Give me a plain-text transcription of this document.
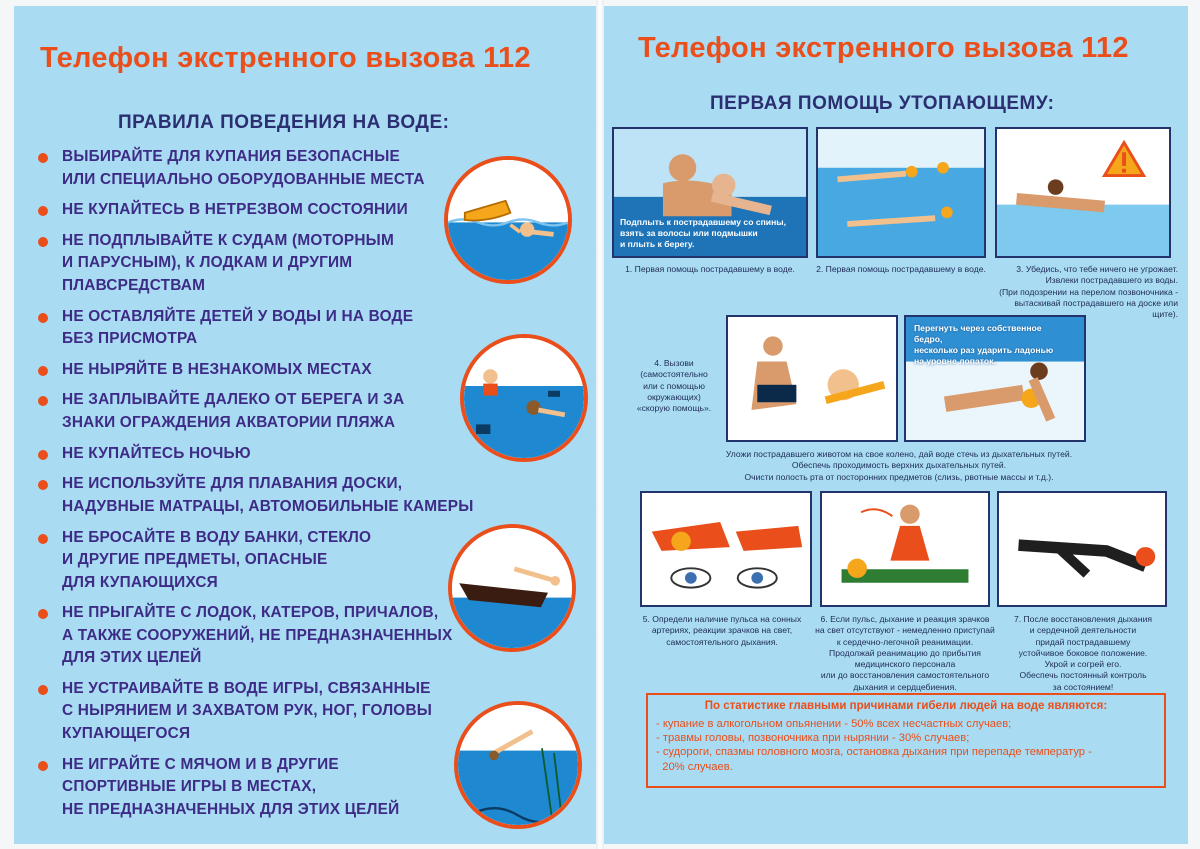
Телефон экстренного вызова 112
ПРАВИЛА ПОВЕДЕНИЯ НА ВОДЕ:
ВЫБИРАЙТЕ ДЛЯ КУПАНИЯ БЕЗОПАСНЫЕ
ИЛИ СПЕЦИАЛЬНО ОБОРУДОВАННЫЕ МЕСТА
НЕ КУПАЙТЕСЬ В НЕТРЕЗВОМ СОСТОЯНИИ
НЕ ПОДПЛЫВАЙТЕ К СУДАМ (МОТОРНЫМ
И ПАРУСНЫМ), К ЛОДКАМ И ДРУГИМ
ПЛАВСРЕДСТВАМ
НЕ ОСТАВЛЯЙТЕ ДЕТЕЙ У ВОДЫ И НА ВОДЕ
БЕЗ ПРИСМОТРА
НЕ НЫРЯЙТЕ В НЕЗНАКОМЫХ МЕСТАХ
НЕ ЗАПЛЫВАЙТЕ ДАЛЕКО ОТ БЕРЕГА И ЗА
ЗНАКИ ОГРАЖДЕНИЯ АКВАТОРИИ ПЛЯЖА
НЕ КУПАЙТЕСЬ НОЧЬЮ
НЕ ИСПОЛЬЗУЙТЕ ДЛЯ ПЛАВАНИЯ ДОСКИ,
НАДУВНЫЕ МАТРАЦЫ, АВТОМОБИЛЬНЫЕ КАМЕРЫ
НЕ БРОСАЙТЕ В ВОДУ БАНКИ, СТЕКЛО
И ДРУГИЕ ПРЕДМЕТЫ, ОПАСНЫЕ
ДЛЯ КУПАЮЩИХСЯ
НЕ ПРЫГАЙТЕ С ЛОДОК, КАТЕРОВ, ПРИЧАЛОВ,
А ТАКЖЕ СООРУЖЕНИЙ, НЕ ПРЕДНАЗНАЧЕННЫХ
ДЛЯ ЭТИХ ЦЕЛЕЙ
НЕ УСТРАИВАЙТЕ В ВОДЕ ИГРЫ, СВЯЗАННЫЕ
С НЫРЯНИЕМ И ЗАХВАТОМ РУК, НОГ, ГОЛОВЫ
КУПАЮЩЕГОСЯ
НЕ ИГРАЙТЕ С МЯЧОМ И В ДРУГИЕ
СПОРТИВНЫЕ ИГРЫ В МЕСТАХ,
НЕ ПРЕДНАЗНАЧЕННЫХ ДЛЯ ЭТИХ ЦЕЛЕЙ
Телефон экстренного вызова 112
ПЕРВАЯ ПОМОЩЬ УТОПАЮЩЕМУ:
Подплыть к пострадавшему со спины,
взять за волосы или подмышки
и плыть к берегу.
1. Первая помощь пострадавшему в воде.	2. Первая помощь пострадавшему в воде.	3. Убедись, что тебе ничего не угрожает.
Извлеки пострадавшего из воды.
(При подозрении на перелом позвоночника -
вытаскивай пострадавшего на доске или щите).
4. Вызови
(самостоятельно
или с помощью
окружающих)
«скорую помощь».
Перегнуть через собственное бедро,
несколько раз ударить ладонью
на уровне лопаток.
Уложи пострадавшего животом на свое колено, дай воде стечь из дыхательных путей.
Обеспечь проходимость верхних дыхательных путей.
Очисти полость рта от посторонних предметов (слизь, рвотные массы и т.д.).
5. Определи наличие пульса на сонных
артериях, реакции зрачков на свет,
самостоятельного дыхания.
6. Если пульс, дыхание и реакция зрачков
на свет отсутствуют - немедленно приступай
к сердечно-легочной реанимации.
Продолжай реанимацию до прибытия
медицинского персонала
или до восстановления самостоятельного
дыхания и сердцебиения.
7. После восстановления дыхания
и сердечной деятельности
придай пострадавшему
устойчивое боковое положение.
Укрой и согрей его.
Обеспечь постоянный контроль
за состоянием!
По статистике главными причинами гибели людей на воде являются:
- купание в алкогольном опьянении - 50% всех несчастных случаев;
- травмы головы, позвоночника при нырянии - 30% случаев;
- судороги, спазмы головного мозга, остановка дыхания при перепаде температур -
20% случаев.
